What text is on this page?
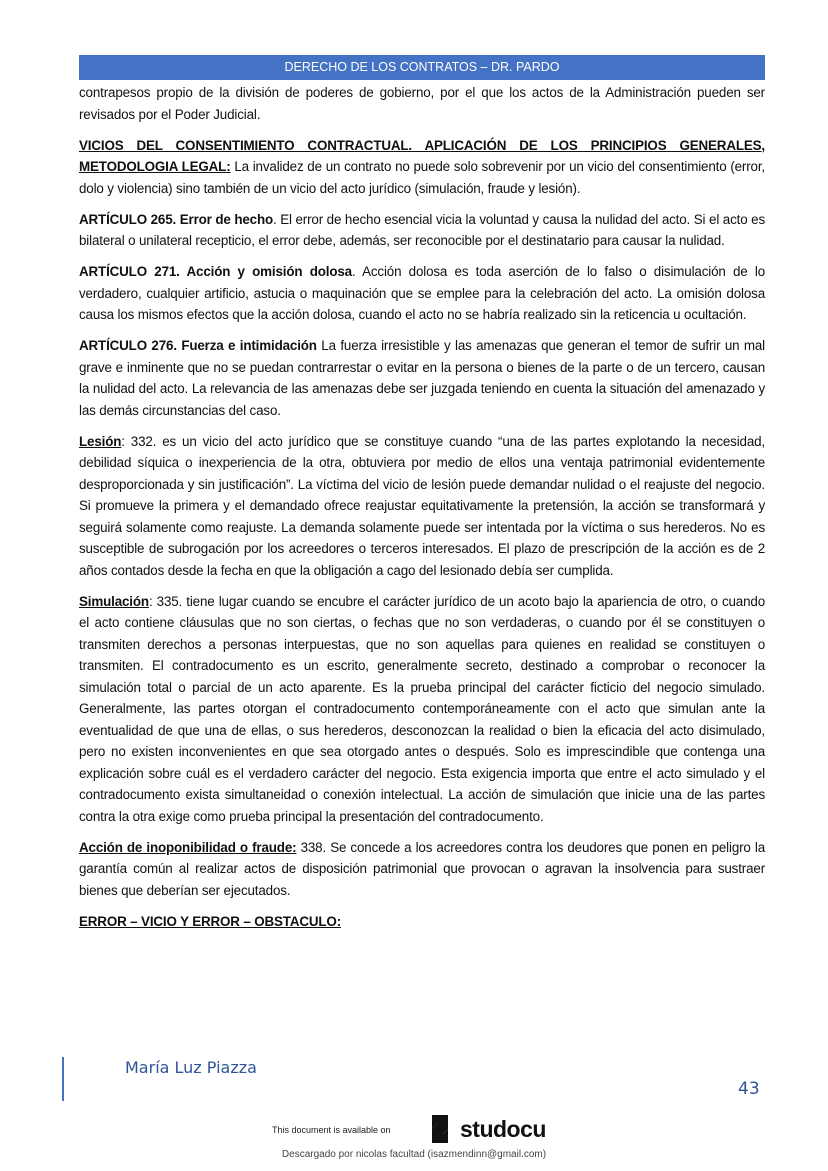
DERECHO DE LOS CONTRATOS – DR. PARDO

contrapesos propio de la división de poderes de gobierno, por el que los actos de la Administración pueden ser revisados por el Poder Judicial.

VICIOS DEL CONSENTIMIENTO CONTRACTUAL. APLICACIÓN DE LOS PRINCIPIOS GENERALES, METODOLOGIA LEGAL: La invalidez de un contrato no puede solo sobrevenir por un vicio del consentimiento (error, dolo y violencia) sino también de un vicio del acto jurídico (simulación, fraude y lesión).

ARTÍCULO 265. Error de hecho. El error de hecho esencial vicia la voluntad y causa la nulidad del acto. Si el acto es bilateral o unilateral recepticio, el error debe, además, ser reconocible por el destinatario para causar la nulidad.

ARTÍCULO 271. Acción y omisión dolosa. Acción dolosa es toda aserción de lo falso o disimulación de lo verdadero, cualquier artificio, astucia o maquinación que se emplee para la celebración del acto. La omisión dolosa causa los mismos efectos que la acción dolosa, cuando el acto no se habría realizado sin la reticencia u ocultación.

ARTÍCULO 276. Fuerza e intimidación La fuerza irresistible y las amenazas que generan el temor de sufrir un mal grave e inminente que no se puedan contrarrestar o evitar en la persona o bienes de la parte o de un tercero, causan la nulidad del acto. La relevancia de las amenazas debe ser juzgada teniendo en cuenta la situación del amenazado y las demás circunstancias del caso.

Lesión: 332. es un vicio del acto jurídico que se constituye cuando “una de las partes explotando la necesidad, debilidad síquica o inexperiencia de la otra, obtuviera por medio de ellos una ventaja patrimonial evidentemente desproporcionada y sin justificación”. La víctima del vicio de lesión puede demandar nulidad o el reajuste del negocio. Si promueve la primera y el demandado ofrece reajustar equitativamente la pretensión, la acción se transformará y seguirá solamente como reajuste. La demanda solamente puede ser intentada por la víctima o sus herederos. No es susceptible de subrogación por los acreedores o terceros interesados. El plazo de prescripción de la acción es de 2 años contados desde la fecha en que la obligación a cago del lesionado debía ser cumplida.

Simulación: 335. tiene lugar cuando se encubre el carácter jurídico de un acoto bajo la apariencia de otro, o cuando el acto contiene cláusulas que no son ciertas, o fechas que no son verdaderas, o cuando por él se constituyen o transmiten derechos a personas interpuestas, que no son aquellas para quienes en realidad se constituyen o transmiten. El contradocumento es un escrito, generalmente secreto, destinado a comprobar o reconocer la simulación total o parcial de un acto aparente. Es la prueba principal del carácter ficticio del negocio simulado. Generalmente, las partes otorgan el contradocumento contemporáneamente con el acto que simulan ante la eventualidad de que una de ellas, o sus herederos, desconozcan la realidad o bien la eficacia del acto disimulado, pero no existen inconvenientes en que sea otorgado antes o después. Solo es imprescindible que contenga una explicación sobre cuál es el verdadero carácter del negocio. Esta exigencia importa que entre el acto simulado y el contradocumento exista simultaneidad o conexión intelectual. La acción de simulación que inicie una de las partes contra la otra exige como prueba principal la presentación del contradocumento.

Acción de inoponibilidad o fraude: 338. Se concede a los acreedores contra los deudores que ponen en peligro la garantía común al realizar actos de disposición patrimonial que provocan o agravan la insolvencia para sustraer bienes que deberían ser ejecutados.

ERROR – VICIO Y ERROR – OBSTACULO:

María Luz Piazza
43
This document is available on	studocu
Descargado por nicolas facultad (isazmendinn@gmail.com)
